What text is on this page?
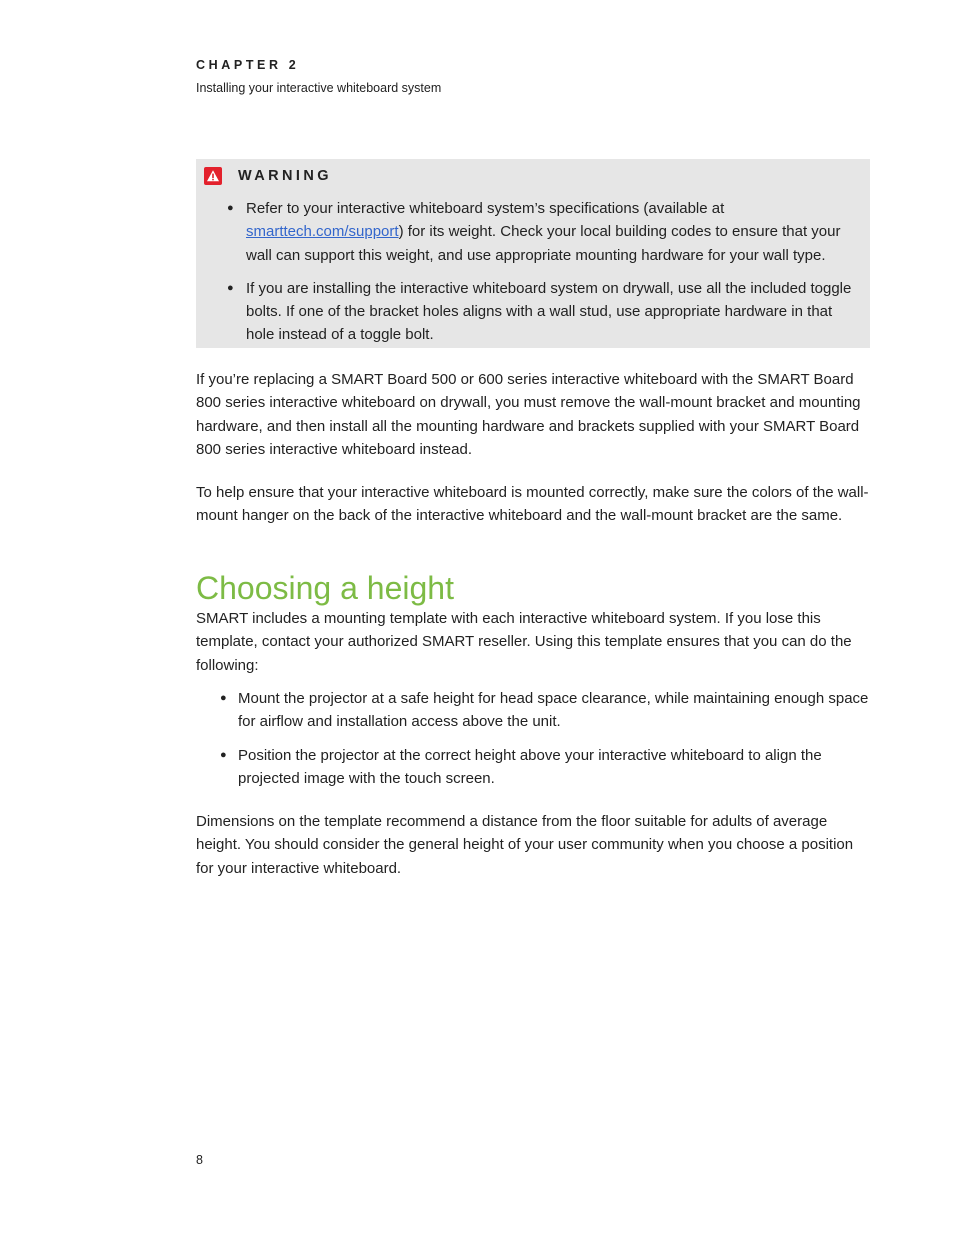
CHAPTER 2
Installing your interactive whiteboard system
WARNING
● Refer to your interactive whiteboard system’s specifications (available at smarttech.com/support) for its weight. Check your local building codes to ensure that your wall can support this weight, and use appropriate mounting hardware for your wall type.
● If you are installing the interactive whiteboard system on drywall, use all the included toggle bolts. If one of the bracket holes aligns with a wall stud, use appropriate hardware in that hole instead of a toggle bolt.

If you’re replacing a SMART Board 500 or 600 series interactive whiteboard with the SMART Board 800 series interactive whiteboard on drywall, you must remove the wall-mount bracket and mounting hardware, and then install all the mounting hardware and brackets supplied with your SMART Board 800 series interactive whiteboard instead.

To help ensure that your interactive whiteboard is mounted correctly, make sure the colors of the wall-mount hanger on the back of the interactive whiteboard and the wall-mount bracket are the same.

Choosing a height

SMART includes a mounting template with each interactive whiteboard system. If you lose this template, contact your authorized SMART reseller. Using this template ensures that you can do the following:

● Mount the projector at a safe height for head space clearance, while maintaining enough space for airflow and installation access above the unit.
● Position the projector at the correct height above your interactive whiteboard to align the projected image with the touch screen.

Dimensions on the template recommend a distance from the floor suitable for adults of average height. You should consider the general height of your user community when you choose a position for your interactive whiteboard.

8
